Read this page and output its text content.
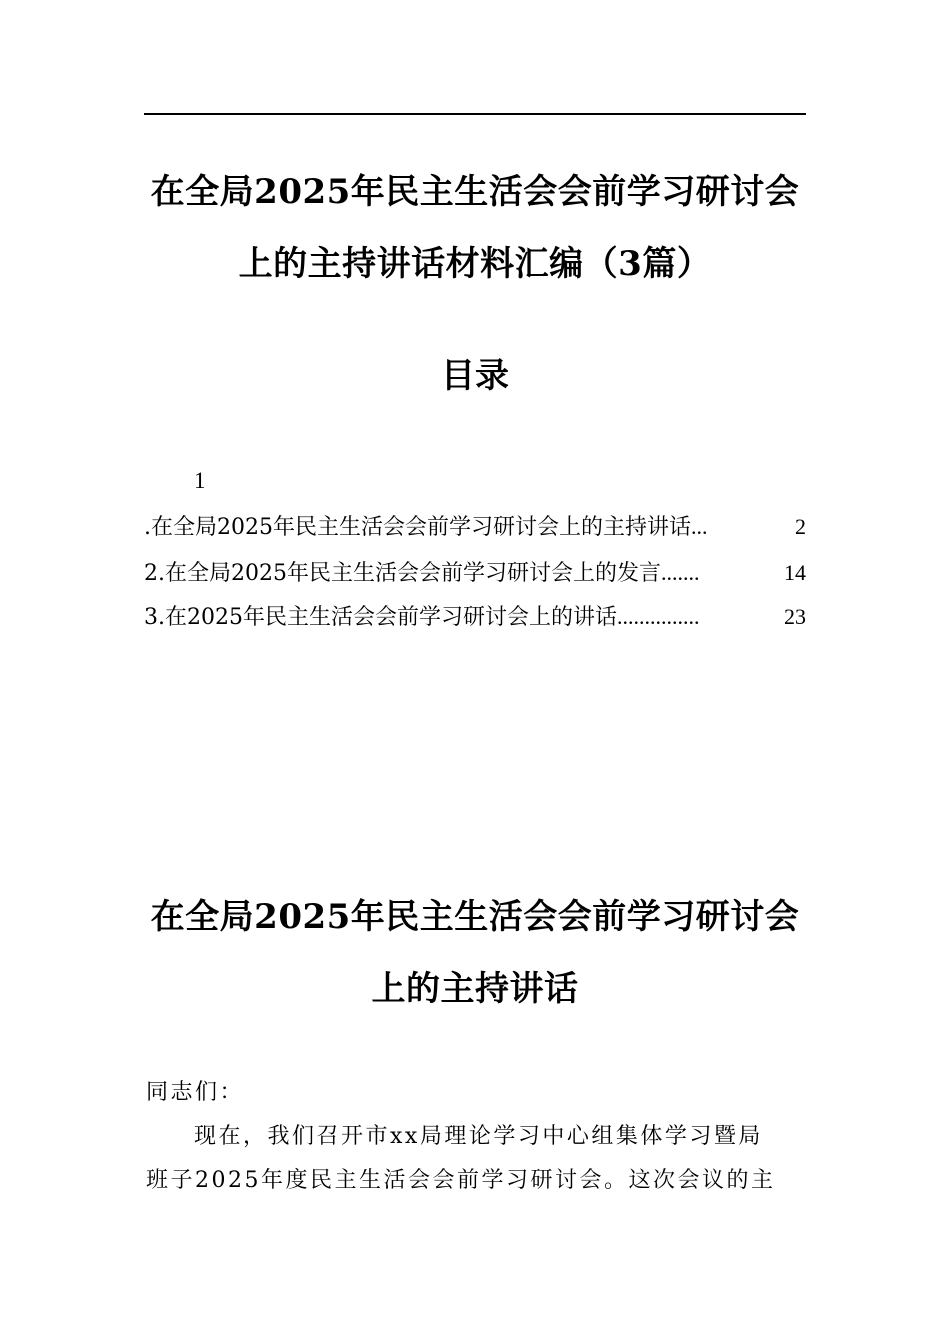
在全局2025年民主生活会会前学习研讨会
上的主持讲话材料汇编（3篇）
目录
1
.在全局2025年民主生活会会前学习研讨会上的主持讲话 ...	2
2.在全局2025年民主生活会会前学习研讨会上的发言 .......	14
3.在2025年民主生活会会前学习研讨会上的讲话 ...............	23
在全局2025年民主生活会会前学习研讨会
上的主持讲话
同志们：
现在，我们召开市xx局理论学习中心组集体学习暨局
班子2025年度民主生活会会前学习研讨会。这次会议的主
